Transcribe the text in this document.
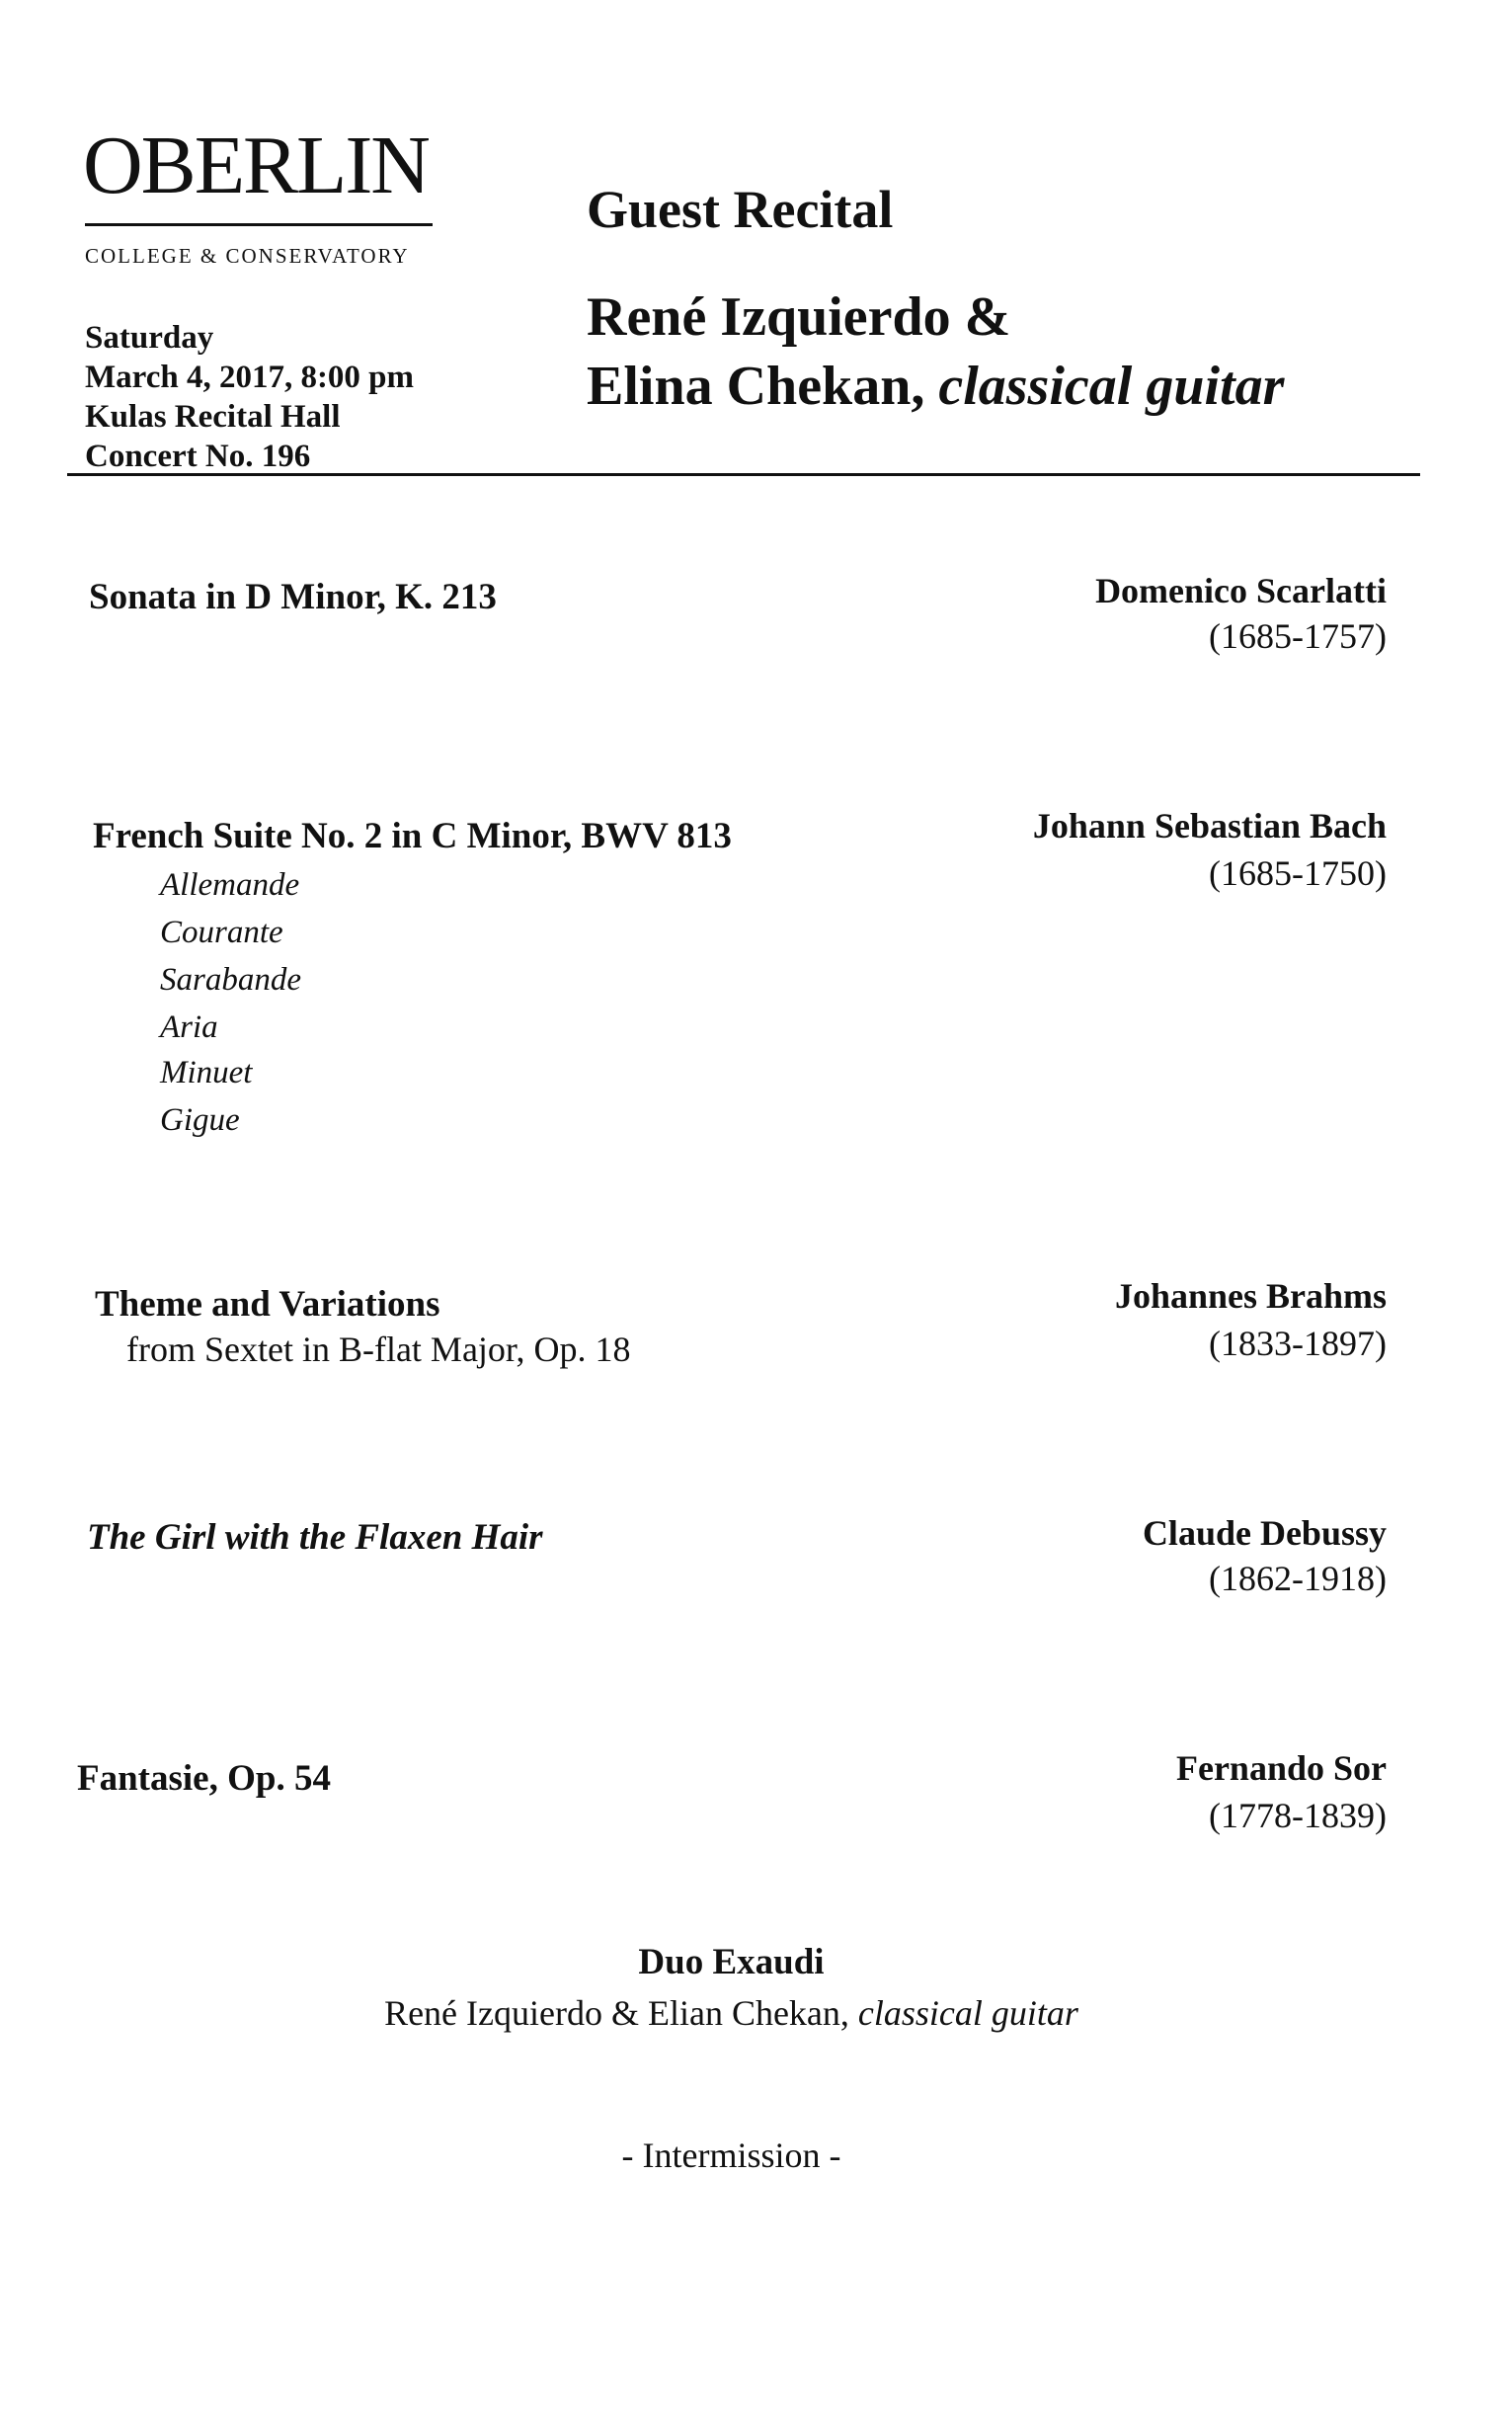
OBERLIN
COLLEGE & CONSERVATORY
Saturday
March 4, 2017, 8:00 pm
Kulas Recital Hall
Concert No. 196
Guest Recital
René Izquierdo &
Elina Chekan, classical guitar
Sonata in D Minor, K. 213	Domenico Scarlatti
(1685-1757)
French Suite No. 2 in C Minor, BWV 813	Johann Sebastian Bach
(1685-1750)
Allemande
Courante
Sarabande
Aria
Minuet
Gigue
Theme and Variations
from Sextet in B-flat Major, Op. 18
Johannes Brahms
(1833-1897)
The Girl with the Flaxen Hair	Claude Debussy
(1862-1918)
Fantasie, Op. 54	Fernando Sor
(1778-1839)
Duo Exaudi
René Izquierdo & Elian Chekan, classical guitar
- Intermission -
